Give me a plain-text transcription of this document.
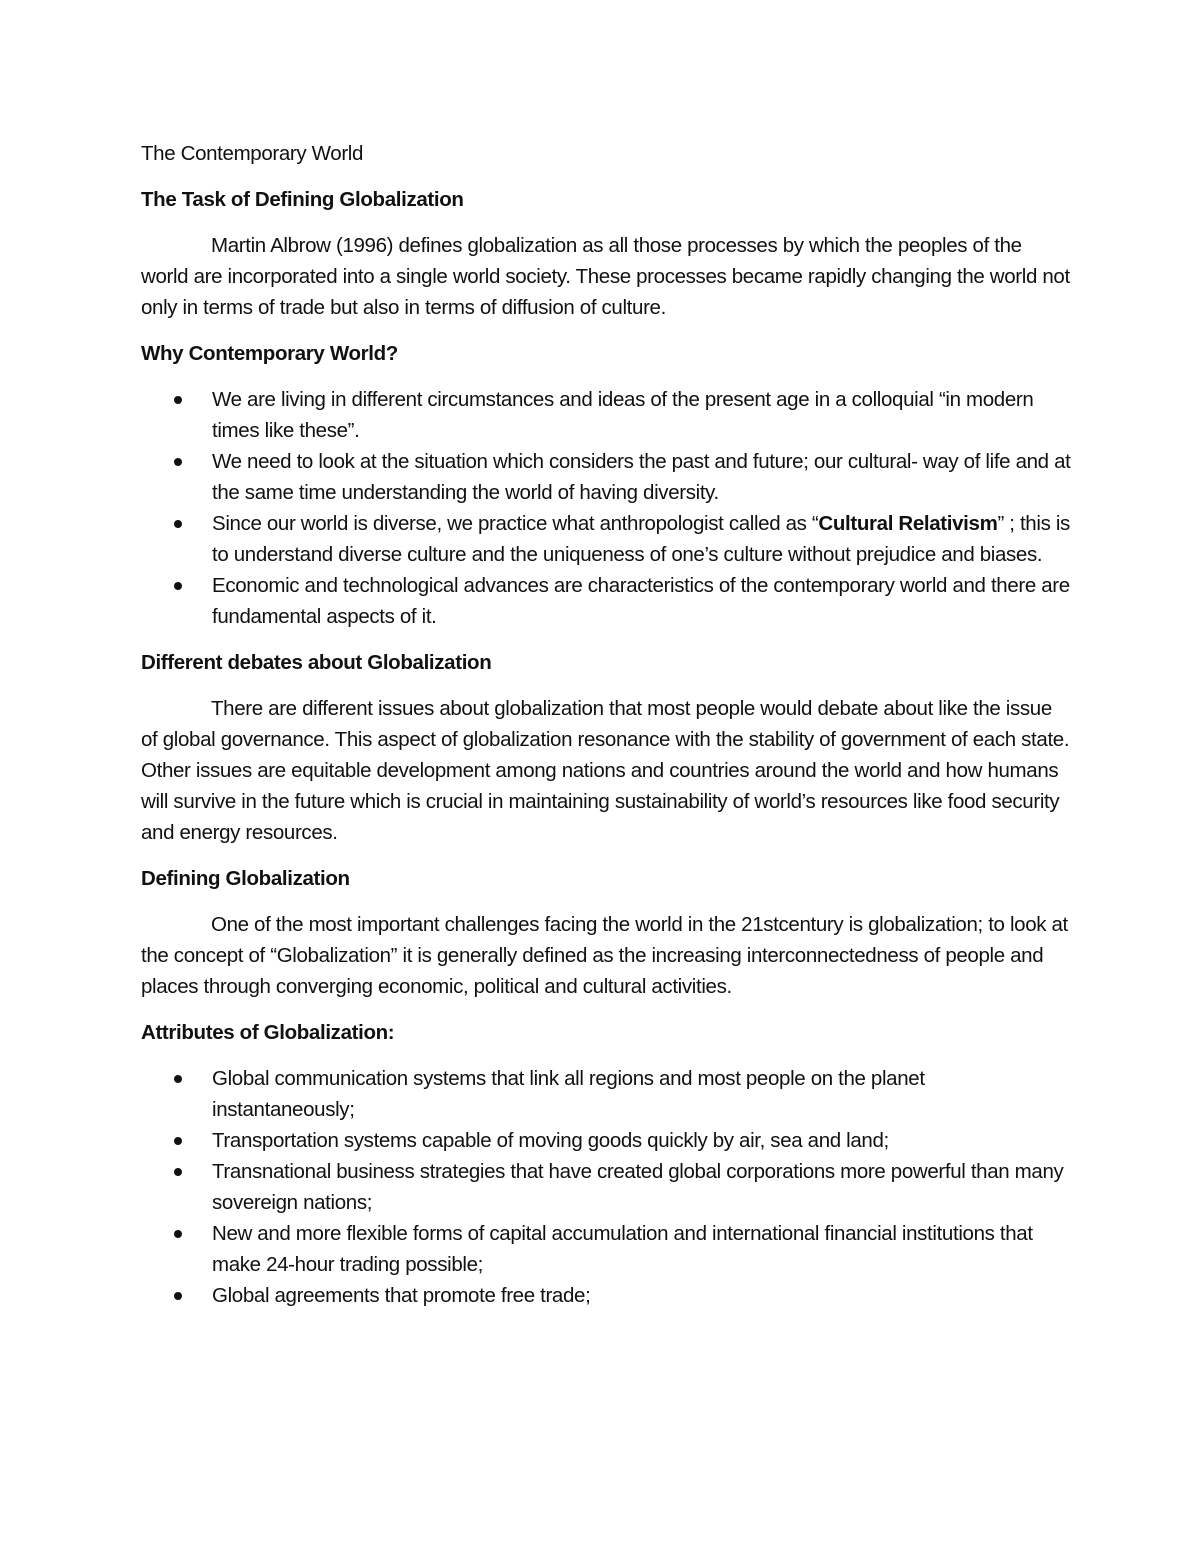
The Contemporary World

The Task of Defining Globalization

Martin Albrow (1996) defines globalization as all those processes by which the peoples of the world are incorporated into a single world society. These processes became rapidly changing the world not only in terms of trade but also in terms of diffusion of culture.

Why Contemporary World?

We are living in different circumstances and ideas of the present age in a colloquial “in modern times like these”.
We need to look at the situation which considers the past and future; our cultural- way of life and at the same time understanding the world of having diversity.
Since our world is diverse, we practice what anthropologist called as “Cultural Relativism” ; this is to understand diverse culture and the uniqueness of one’s culture without prejudice and biases.
Economic and technological advances are characteristics of the contemporary world and there are fundamental aspects of it.

Different debates about Globalization

There are different issues about globalization that most people would debate about like the issue of global governance. This aspect of globalization resonance with the stability of government of each state. Other issues are equitable development among nations and countries around the world and how humans will survive in the future which is crucial in maintaining sustainability of world’s resources like food security and energy resources.

Defining Globalization

One of the most important challenges facing the world in the 21stcentury is globalization; to look at the concept of “Globalization” it is generally defined as the increasing interconnectedness of people and places through converging economic, political and cultural activities.

Attributes of Globalization:

Global communication systems that link all regions and most people on the planet instantaneously;
Transportation systems capable of moving goods quickly by air, sea and land;
Transnational business strategies that have created global corporations more powerful than many sovereign nations;
New and more flexible forms of capital accumulation and international financial institutions that make 24-hour trading possible;
Global agreements that promote free trade;
